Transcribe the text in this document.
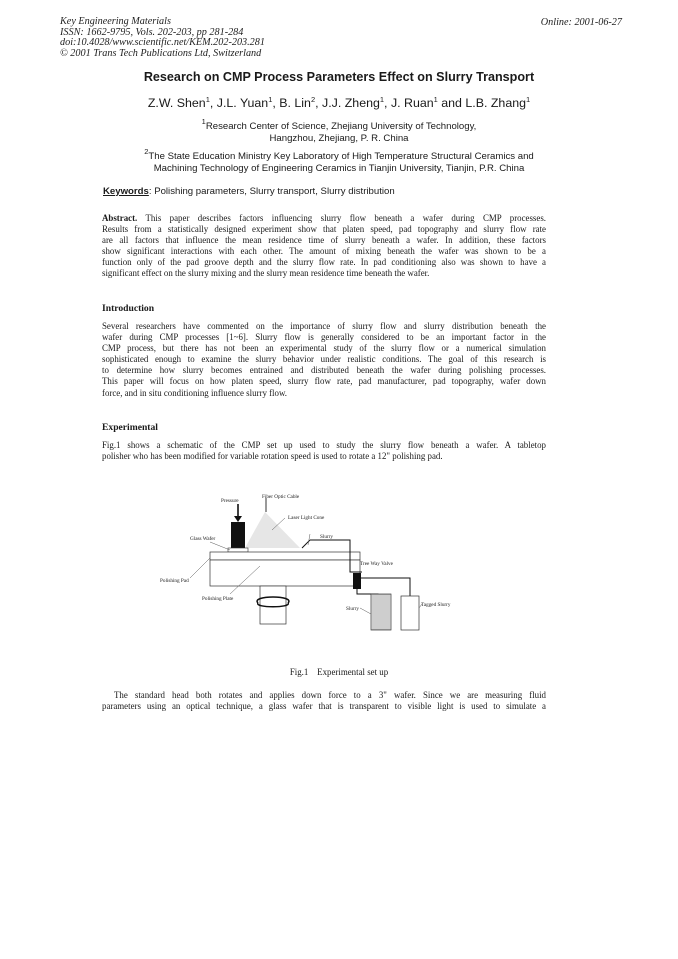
Key Engineering Materials
ISSN: 1662-9795, Vols. 202-203, pp 281-284
doi:10.4028/www.scientific.net/KEM.202-203.281
© 2001 Trans Tech Publications Ltd, Switzerland
Online: 2001-06-27
Research on CMP Process Parameters Effect on Slurry Transport
Z.W. Shen$^1$, J.L. Yuan$^1$, B. Lin$^2$, J.J. Zheng$^1$, J. Ruan$^1$ and L.B. Zhang$^1$
$^1$Research Center of Science, Zhejiang University of Technology,
Hangzhou, Zhejiang, P. R. China
$^2$The State Education Ministry Key Laboratory of High Temperature Structural Ceramics and
Machining Technology of Engineering Ceramics in Tianjin University, Tianjin, P.R. China
Keywords: Polishing parameters, Slurry transport, Slurry distribution
Abstract. This paper describes factors influencing slurry flow beneath a wafer during CMP processes.
Results from a statistically designed experiment show that platen speed, pad topography and slurry flow rate
are all factors that influence the mean residence time of slurry beneath a wafer. In addition, these factors
show significant interactions with each other. The amount of mixing beneath the wafer was shown to be a
function only of the pad groove depth and the slurry flow rate. In pad conditioning also was shown to have a
significant effect on the slurry mixing and the slurry mean residence time beneath the wafer.
Introduction
Several researchers have commented on the importance of slurry flow and slurry distribution beneath the
wafer during CMP processes [1~6]. Slurry flow is generally considered to be an important factor in the
CMP process, but there has not been an experimental study of the slurry flow or a numerical simulation
sophisticated enough to examine the slurry behavior under realistic conditions. The goal of this research is
to determine how slurry becomes entrained and distributed beneath the wafer during polishing processes.
This paper will focus on how platen speed, slurry flow rate, pad manufacturer, pad topography, wafer down
force, and in situ conditioning influence slurry flow.
Experimental
Fig.1 shows a schematic of the CMP set up used to study the slurry flow beneath a wafer. A tabletop
polisher who has been modified for variable rotation speed is used to rotate a 12" polishing pad.
Pressure
Fiber Optic Cable
Laser Light Cone
Glass Wafer	Slurry
Tree Way Valve
Polishing Pad
Polishing Plate
Slurry
Tagged Slurry
Fig.1    Experimental set up
The standard head both rotates and applies down force to a 3" wafer. Since we are measuring fluid
parameters using an optical technique, a glass wafer that is transparent to visible light is used to simulate a
